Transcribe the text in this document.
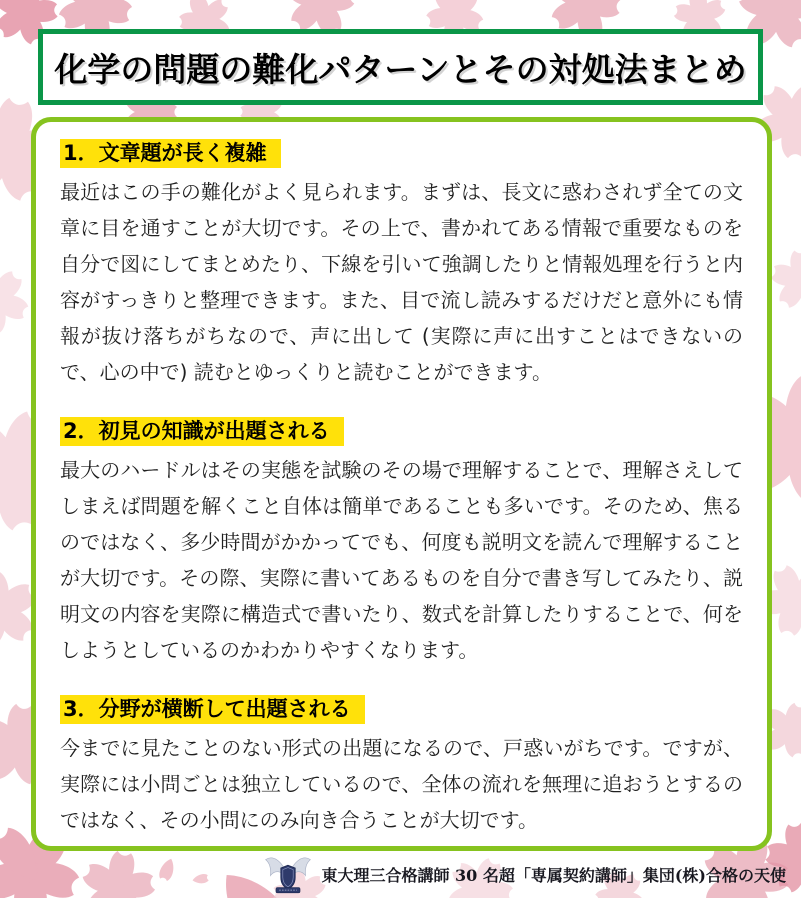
化学の問題の難化パターンとその対処法まとめ
1．文章題が長く複雑

最近はこの手の難化がよく見られます。まずは、長文に惑わされず全ての文章に目を通すことが大切です。その上で、書かれてある情報で重要なものを自分で図にしてまとめたり、下線を引いて強調したりと情報処理を行うと内容がすっきりと整理できます。また、目で流し読みするだけだと意外にも情報が抜け落ちがちなので、声に出して (実際に声に出すことはできないので、心の中で) 読むとゆっくりと読むことができます。

2．初見の知識が出題される

最大のハードルはその実態を試験のその場で理解することで、理解さえしてしまえば問題を解くこと自体は簡単であることも多いです。そのため、焦るのではなく、多少時間がかかってでも、何度も説明文を読んで理解することが大切です。その際、実際に書いてあるものを自分で書き写してみたり、説明文の内容を実際に構造式で書いたり、数式を計算したりすることで、何をしようとしているのかわかりやすくなります。

3．分野が横断して出題される

今までに見たことのない形式の出題になるので、戸惑いがちです。ですが、実際には小問ごとは独立しているので、全体の流れを無理に追おうとするのではなく、その小問にのみ向き合うことが大切です。

東大理三合格講師 30 名超「専属契約講師」集団(株)合格の天使
